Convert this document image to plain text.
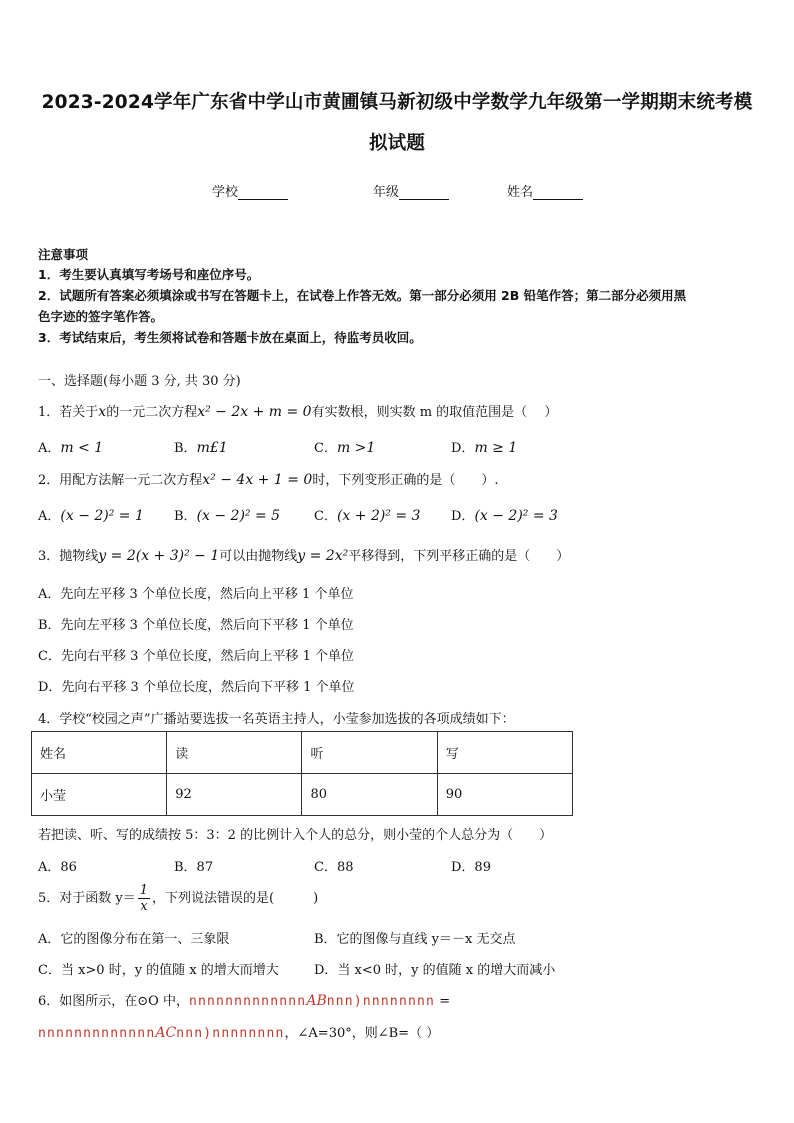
2023-2024学年广东省中学山市黄圃镇马新初级中学数学九年级第一学期期末统考模
拟试题
学校	年级	姓名
注意事项
1．考生要认真填写考场号和座位序号。
2．试题所有答案必须填涂或书写在答题卡上，在试卷上作答无效。第一部分必须用 2B 铅笔作答；第二部分必须用黑
色字迹的签字笔作答。
3．考试结束后，考生须将试卷和答题卡放在桌面上，待监考员收回。
一、选择题(每小题 3 分, 共 30 分)
1．若关于x的一元二次方程x² − 2x + m = 0有实数根，则实数 m 的取值范围是（　 ）
A．m < 1	B．m£1	C．m >1	D．m ≥ 1
2．用配方法解一元二次方程x² − 4x + 1 = 0时，下列变形正确的是（　　）.
A．(x − 2)² = 1 B．(x − 2)² = 5	C．(x + 2)² = 3 D．(x − 2)² = 3
3．抛物线y = 2(x + 3)² − 1可以由抛物线y = 2x²平移得到，下列平移正确的是（　　）
A．先向左平移 3 个单位长度，然后向上平移 1 个单位
B．先向左平移 3 个单位长度，然后向下平移 1 个单位
C．先向右平移 3 个单位长度，然后向上平移 1 个单位
D．先向右平移 3 个单位长度，然后向下平移 1 个单位
4．学校“校园之声”广播站要选拔一名英语主持人，小莹参加选拔的各项成绩如下：
姓名	读	听	写
小莹	92	80	90
若把读、听、写的成绩按 5：3：2 的比例计入个人的总分，则小莹的个人总分为（　　）
A．86	B．87	C．88	D．89
5．对于函数 $y= \frac{1}{x}$ ，下列说法错误的是(　　　)
A．它的图像分布在第一、三象限	B．它的图像与直线 y＝－x 无交点
C．当 x>0 时，y 的值随 x 的增大而增大	D．当 x<0 时，y 的值随 x 的增大而减小
6．如图所示，在⊙O 中，nnnnnnnnnnnnnABnnn)nnnnnnnn =
nnnnnnnnnnnnnACnnn)nnnnnnnn，∠A=30°，则∠B=（ ）
